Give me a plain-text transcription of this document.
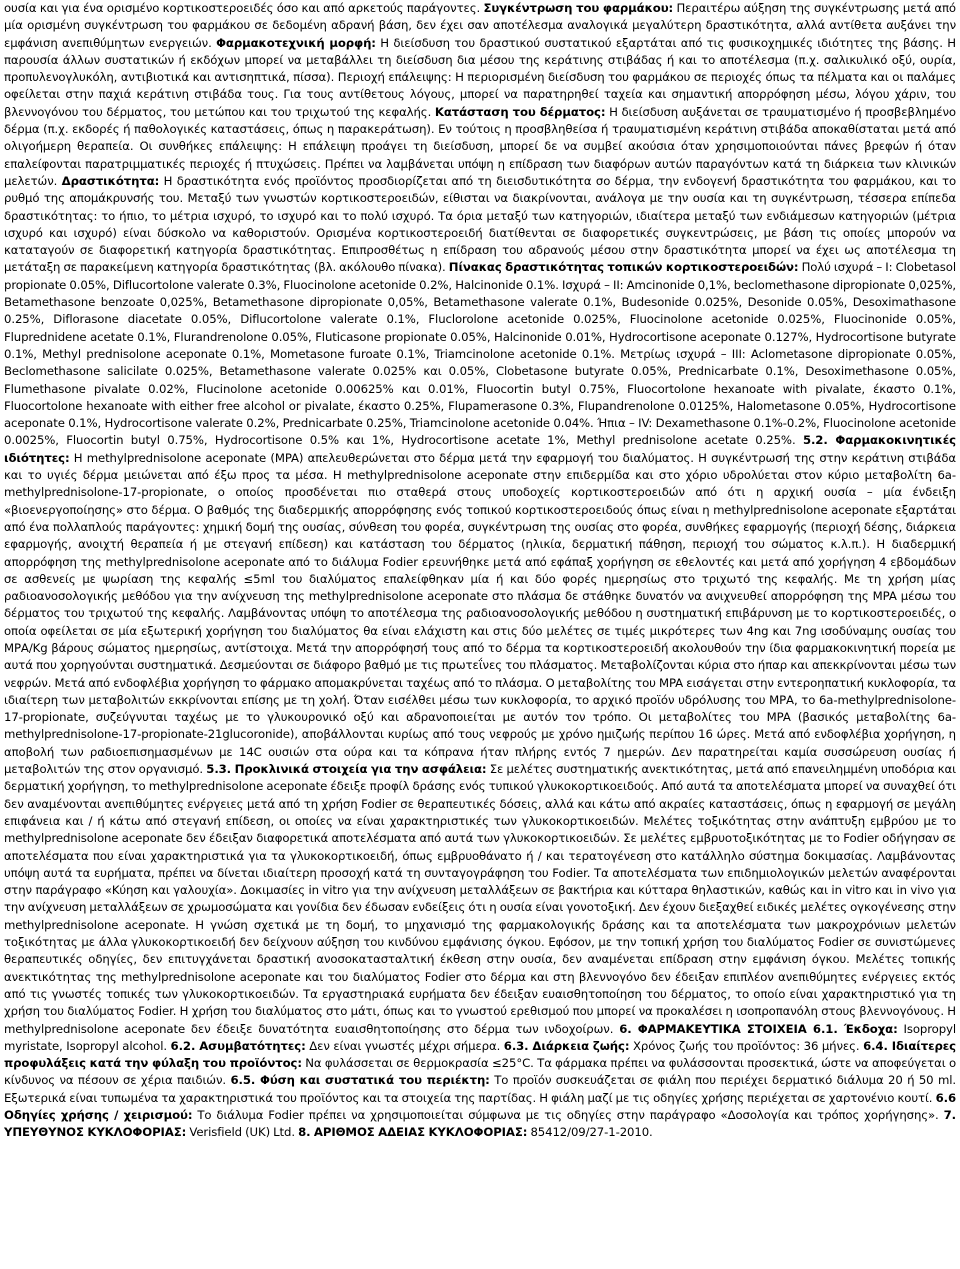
ουσία και για ένα ορισμένο κορτικοστεροειδές όσο και από αρκετούς παράγοντες. Συγκέντρωση του φαρμάκου: Περαιτέρω αύξηση της συγκέντρωσης μετά από μία ορισμένη συγκέντρωση του φαρμάκου σε δεδομένη αδρανή βάση, δεν έχει σαν αποτέλεσμα αναλογικά μεγαλύτερη δραστικότητα, αλλά αντίθετα αυξάνει την εμφάνιση ανεπιθύμητων ενεργειών. Φαρμακοτεχνική μορφή: Η διείσδυση του δραστικού συστατικού εξαρτάται από τις φυσικοχημικές ιδιότητες της βάσης. Η παρουσία άλλων συστατικών ή εκδόχων μπορεί να μεταβάλλει τη διείσδυση δια μέσου της κεράτινης στιβάδας ή και το αποτέλεσμα (π.χ. σαλικυλικό οξύ, ουρία, προπυλενογλυκόλη, αντιβιοτικά και αντισηπτικά, πίσσα). Περιοχή επάλειψης: Η περιορισμένη διείσδυση του φαρμάκου σε περιοχές όπως τα πέλματα και οι παλάμες οφείλεται στην παχιά κεράτινη στιβάδα τους. Για τους αντίθετους λόγους, μπορεί να παρατηρηθεί ταχεία και σημαντική απορρόφηση μέσω, λόγου χάριν, του βλεννογόνου του δέρματος, του μετώπου και του τριχωτού της κεφαλής. Κατάσταση του δέρματος: Η διείσδυση αυξάνεται σε τραυματισμένο ή προσβεβλημένο δέρμα (π.χ. εκδορές ή παθολογικές καταστάσεις, όπως η παρακεράτωση). Εν τούτοις η προσβληθείσα ή τραυματισμένη κεράτινη στιβάδα αποκαθίσταται μετά από ολιγοήμερη θεραπεία. Οι συνθήκες επάλειψης: Η επάλειψη προάγει τη διείσδυση, μπορεί δε να συμβεί ακούσια όταν χρησιμοποιούνται πάνες βρεφών ή όταν επαλείφονται παρατριμματικές περιοχές ή πτυχώσεις. Πρέπει να λαμβάνεται υπόψη η επίδραση των διαφόρων αυτών παραγόντων κατά τη διάρκεια των κλινικών μελετών. Δραστικότητα: Η δραστικότητα ενός προϊόντος προσδιορίζεται από τη διεισδυτικότητα σο δέρμα, την ενδογενή δραστικότητα του φαρμάκου, και το ρυθμό της απομάκρυνσής του. Μεταξύ των γνωστών κορτικοστεροειδών, είθισται να διακρίνονται, ανάλογα με την ουσία και τη συγκέντρωση, τέσσερα επίπεδα δραστικότητας: το ήπιο, το μέτρια ισχυρό, το ισχυρό και το πολύ ισχυρό. Τα όρια μεταξύ των κατηγοριών, ιδιαίτερα μεταξύ των ενδιάμεσων κατηγοριών (μέτρια ισχυρό και ισχυρό) είναι δύσκολο να καθοριστούν. Ορισμένα κορτικοστεροειδή διατίθενται σε διαφορετικές συγκεντρώσεις, με βάση τις οποίες μπορούν να καταταγούν σε διαφορετική κατηγορία δραστικότητας. Επιπροσθέτως η επίδραση του αδρανούς μέσου στην δραστικότητα μπορεί να έχει ως αποτέλεσμα τη μετάταξη σε παρακείμενη κατηγορία δραστικότητας (βλ. ακόλουθο πίνακα). Πίνακας δραστικότητας τοπικών κορτικοστεροειδών: Πολύ ισχυρά – I: Clobetasol propionate 0.05%, Diflucortolone valerate 0.3%, Fluocinolone acetonide 0.2%, Halcinonide 0.1%. Ισχυρά – II: Amcinonide 0,1%, beclomethasone dipropionate 0,025%, Betamethasone benzoate 0,025%, Betamethasone dipropionate 0,05%, Betamethasone valerate 0.1%, Budesonide 0.025%, Desonide 0.05%, Desoximathasone 0.25%, Diflorasone diacetate 0.05%, Diflucortolone valerate 0.1%, Fluclorolone acetonide 0.025%, Fluocinolone acetonide 0.025%, Fluocinonide 0.05%, Fluprednidene acetate 0.1%, Flurandrenolone 0.05%, Fluticasone propionate 0.05%, Halcinonide 0.01%, Hydrocortisone aceponate 0.127%, Hydrocortisone butyrate 0.1%, Methyl prednisolone aceponate 0.1%, Mometasone furoate 0.1%, Triamcinolone acetonide 0.1%. Μετρίως ισχυρά – III: Aclometasone dipropionate 0.05%, Beclomethasone salicilate 0.025%, Betamethasone valerate 0.025% και 0.05%, Clobetasone butyrate 0.05%, Prednicarbate 0.1%, Desoximethasone 0.05%, Flumethasone pivalate 0.02%, Flucinolone acetonide 0.00625% και 0.01%, Fluocortin butyl 0.75%, Fluocortolone hexanoate with pivalate, έκαστο 0.1%, Fluocortolone hexanoate with either free alcohol or pivalate, έκαστο 0.25%, Flupamerasone 0.3%, Flupandrenolone 0.0125%, Halometasone 0.05%, Hydrocortisone aceponate 0.1%, Hydrocortisone valerate 0.2%, Prednicarbate 0.25%, Triamcinolone acetonide 0.04%. Ήπια – IV: Dexamethasone 0.1%-0.2%, Fluocinolone acetonide 0.0025%, Fluocortin butyl 0.75%, Hydrocortisone 0.5% και 1%, Hydrocortisone acetate 1%, Methyl prednisolone acetate 0.25%. 5.2. Φαρμακοκινητικές ιδιότητες: Η methylprednisolone aceponate (MPA) απελευθερώνεται στο δέρμα μετά την εφαρμογή του διαλύματος. Η συγκέντρωσή της στην κεράτινη στιβάδα και το υγιές δέρμα μειώνεται από έξω προς τα μέσα. Η methylprednisolone aceponate στην επιδερμίδα και στο χόριο υδρολύεται στον κύριο μεταβολίτη 6a-methylprednisolone-17-propionate, ο οποίος προσδένεται πιο σταθερά στους υποδοχείς κορτικοστεροειδών από ότι η αρχική ουσία – μία ένδειξη «βιοενεργοποίησης» στο δέρμα. Ο βαθμός της διαδερμικής απορρόφησης ενός τοπικού κορτικοστεροειδούς όπως είναι η methylprednisolone aceponate εξαρτάται από ένα πολλαπλούς παράγοντες: χημική δομή της ουσίας, σύνθεση του φορέα, συγκέντρωση της ουσίας στο φορέα, συνθήκες εφαρμογής (περιοχή δέσης, διάρκεια εφαρμογής, ανοιχτή θεραπεία ή με στεγανή επίδεση) και κατάσταση του δέρματος (ηλικία, δερματική πάθηση, περιοχή του σώματος κ.λ.π.). Η διαδερμική απορρόφηση της methylprednisolone aceponate από το διάλυμα Fodier ερευνήθηκε μετά από εφάπαξ χορήγηση σε εθελοντές και μετά από χορήγηση 4 εβδομάδων σε ασθενείς με ψωρίαση της κεφαλής ≤5ml του διαλύματος επαλείφθηκαν μία ή και δύο φορές ημερησίως στο τριχωτό της κεφαλής. Με τη χρήση μίας ραδιοανοσολογικής μεθόδου για την ανίχνευση της methylprednisolone aceponate στο πλάσμα δε στάθηκε δυνατόν να ανιχνευθεί απορρόφηση της MPA μέσω του δέρματος του τριχωτού της κεφαλής. Λαμβάνοντας υπόψη το αποτέλεσμα της ραδιοανοσολογικής μεθόδου η συστηματική επιβάρυνση με το κορτικοστεροειδές, ο οποία οφείλεται σε μία εξωτερική χορήγηση του διαλύματος θα είναι ελάχιστη και στις δύο μελέτες σε τιμές μικρότερες των 4ng και 7ng ισοδύναμης ουσίας του ΜΡΑ/Kg βάρους σώματος ημερησίως, αντίστοιχα. Μετά την απορρόφησή τους από το δέρμα τα κορτικοστεροειδή ακολουθούν την ίδια φαρμακοκινητική πορεία με αυτά που χορηγούνται συστηματικά. Δεσμεύονται σε διάφορο βαθμό με τις πρωτεΐνες του πλάσματος. Μεταβολίζονται κύρια στο ήπαρ και απεκκρίνονται μέσω των νεφρών. Μετά από ενδοφλέβια χορήγηση το φάρμακο απομακρύνεται ταχέως από το πλάσμα. Ο μεταβολίτης του MPA εισάγεται στην εντεροηπατική κυκλοφορία, τα ιδιαίτερη των μεταβολιτών εκκρίνονται επίσης με τη χολή. Όταν εισέλθει μέσω των κυκλοφορία, το αρχικό προϊόν υδρόλυσης του ΜΡΑ, το 6a-methylprednisolone-17-propionate, συζεύγνυται ταχέως με το γλυκουρονικό οξύ και αδρανοποιείται με αυτόν τον τρόπο. Οι μεταβολίτες του MPA (βασικός μεταβολίτης 6a-methylprednisolone-17-propionate-21glucoronide), αποβάλλονται κυρίως από τους νεφρούς με χρόνο ημιζωής περίπου 16 ώρες. Μετά από ενδοφλέβια χορήγηση, η αποβολή των ραδιοεπισημασμένων με 14C ουσιών στα ούρα και τα κόπρανα ήταν πλήρης εντός 7 ημερών. Δεν παρατηρείται καμία συσσώρευση ουσίας ή μεταβολιτών της στον οργανισμό. 5.3. Προκλινικά στοιχεία για την ασφάλεια: Σε μελέτες συστηματικής ανεκτικότητας, μετά από επανειλημμένη υποδόρια και δερματική χορήγηση, το methylprednisolone aceponate έδειξε προφίλ δράσης ενός τυπικού γλυκοκορτικοειδούς. Από αυτά τα αποτελέσματα μπορεί να συναχθεί ότι δεν αναμένονται ανεπιθύμητες ενέργειες μετά από τη χρήση Fodier σε θεραπευτικές δόσεις, αλλά και κάτω από ακραίες καταστάσεις, όπως η εφαρμογή σε μεγάλη επιφάνεια και / ή κάτω από στεγανή επίδεση, οι οποίες να είναι χαρακτηριστικές των γλυκοκορτικοειδών. Μελέτες τοξικότητας στην ανάπτυξη εμβρύου με το methylprednisolone aceponate δεν έδειξαν διαφορετικά αποτελέσματα από αυτά των γλυκοκορτικοειδών. Σε μελέτες εμβρυοτοξικότητας με το Fodier οδήγησαν σε αποτελέσματα που είναι χαρακτηριστικά για τα γλυκοκορτικοειδή, όπως εμβρυοθάνατο ή / και τερατογένεση στο κατάλληλο σύστημα δοκιμασίας. Λαμβάνοντας υπόψη αυτά τα ευρήματα, πρέπει να δίνεται ιδιαίτερη προσοχή κατά τη συνταγογράφηση του Fodier. Τα αποτελέσματα των επιδημιολογικών μελετών αναφέρονται στην παράγραφο «Κύηση και γαλουχία». Δοκιμασίες in vitro για την ανίχνευση μεταλλάξεων σε βακτήρια και κύτταρα θηλαστικών, καθώς και in vitro και in vivo για την ανίχνευση μεταλλάξεων σε χρωμοσώματα και γονίδια δεν έδωσαν ενδείξεις ότι η ουσία είναι γονοτοξική. Δεν έχουν διεξαχθεί ειδικές μελέτες ογκογένεσης στην methylprednisolone aceponate. Η γνώση σχετικά με τη δομή, το μηχανισμό της φαρμακολογικής δράσης και τα αποτελέσματα των μακροχρόνιων μελετών τοξικότητας με άλλα γλυκοκορτικοειδή δεν δείχνουν αύξηση του κινδύνου εμφάνισης όγκου. Εφόσον, με την τοπική χρήση του διαλύματος Fodier σε συνιστώμενες θεραπευτικές οδηγίες, δεν επιτυγχάνεται δραστική ανοσοκατασταλτική έκθεση στην ουσία, δεν αναμένεται επίδραση στην εμφάνιση όγκου. Μελέτες τοπικής ανεκτικότητας της methylprednisolone aceponate και του διαλύματος Fodier στο δέρμα και στη βλεννογόνο δεν έδειξαν επιπλέον ανεπιθύμητες ενέργειες εκτός από τις γνωστές τοπικές των γλυκοκορτικοειδών. Τα εργαστηριακά ευρήματα δεν έδειξαν ευαισθητοποίηση του δέρματος, το οποίο είναι χαρακτηριστικό για τη χρήση του διαλύματος Fodier. Η χρήση του διαλύματος στο μάτι, όπως και το γνωστού ερεθισμού που μπορεί να προκαλέσει η ισοπροπανόλη στους βλεννογόνους. Η methylprednisolone aceponate δεν έδειξε δυνατότητα ευαισθητοποίησης στο δέρμα των ινδοχοίρων. 6. ΦΑΡΜΑΚΕΥΤΙΚΑ ΣΤΟΙΧΕΙΑ 6.1. Έκδοχα: Isopropyl myristate, Isopropyl alcohol. 6.2. Ασυμβατότητες: Δεν είναι γνωστές μέχρι σήμερα. 6.3. Διάρκεια ζωής: Χρόνος ζωής του προϊόντος: 36 μήνες. 6.4. Ιδιαίτερες προφυλάξεις κατά την φύλαξη του προϊόντος: Να φυλάσσεται σε θερμοκρασία ≤25°C. Τα φάρμακα πρέπει να φυλάσσονται προσεκτικά, ώστε να αποφεύγεται ο κίνδυνος να πέσουν σε χέρια παιδιών. 6.5. Φύση και συστατικά του περιέκτη: Το προϊόν συσκευάζεται σε φιάλη που περιέχει δερματικό διάλυμα 20 ή 50 ml. Εξωτερικά είναι τυπωμένα τα χαρακτηριστικά του προϊόντος και τα στοιχεία της παρτίδας. Η φιάλη μαζί με τις οδηγίες χρήσης περιέχεται σε χαρτονένιο κουτί. 6.6 Οδηγίες χρήσης / χειρισμού: Το διάλυμα Fodier πρέπει να χρησιμοποιείται σύμφωνα με τις οδηγίες στην παράγραφο «Δοσολογία και τρόπος χορήγησης». 7. ΥΠΕΥΘΥΝΟΣ ΚΥΚΛΟΦΟΡΙΑΣ: Verisfield (UK) Ltd. 8. ΑΡΙΘΜΟΣ ΑΔΕΙΑΣ ΚΥΚΛΟΦΟΡΙΑΣ: 85412/09/27-1-2010.
